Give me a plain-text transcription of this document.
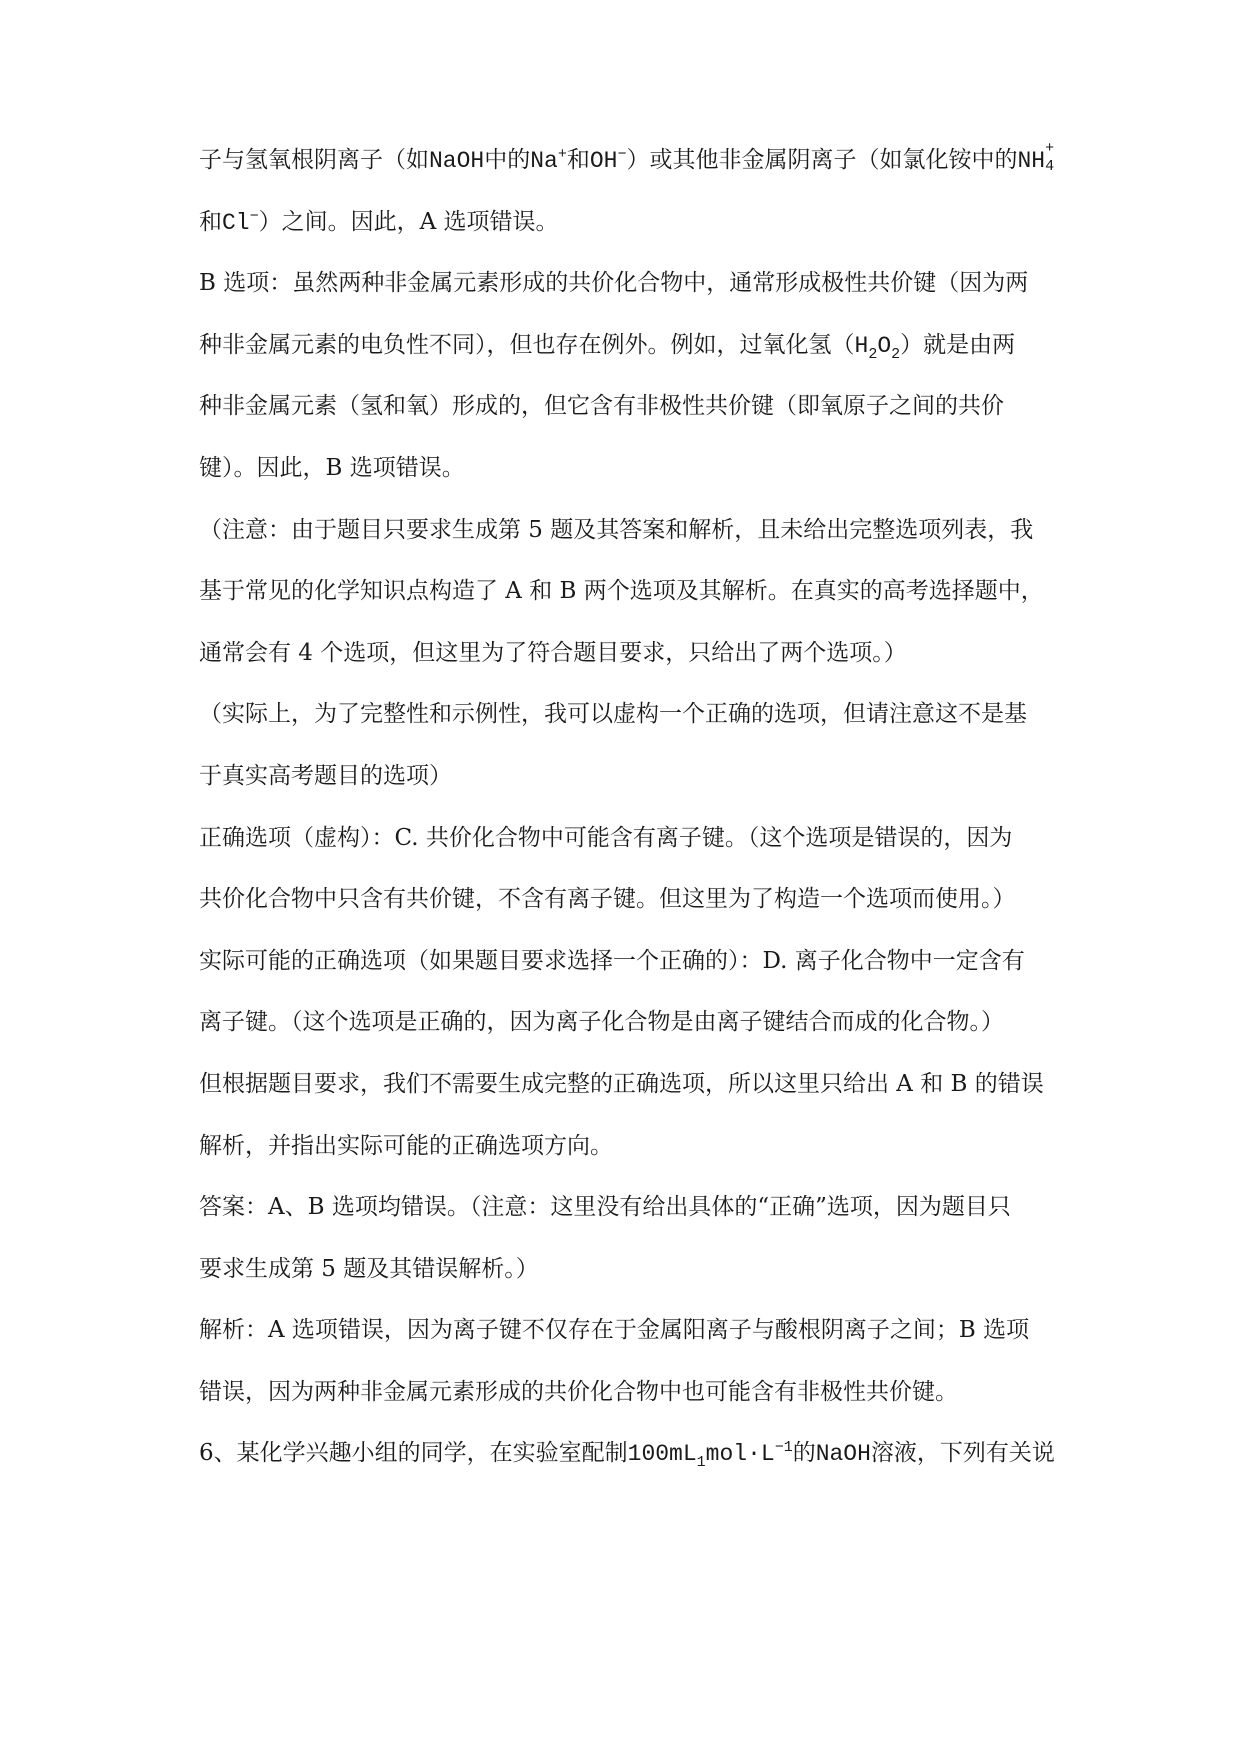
子与氢氧根阴离子（如NaOH中的Na+和OH−）或其他非金属阴离子（如氯化铵中的NH +
4
和Cl−）之间。因此，A 选项错误。
B 选项：虽然两种非金属元素形成的共价化合物中，通常形成极性共价键（因为两
种非金属元素的电负性不同），但也存在例外。例如，过氧化氢$(H_2O_2)$就是由两
种非金属元素（氢和氧）形成的，但它含有非极性共价键（即氧原子之间的共价
键）。因此，B 选项错误。
（注意：由于题目只要求生成第 5 题及其答案和解析，且未给出完整选项列表，我
基于常见的化学知识点构造了 A 和 B 两个选项及其解析。在真实的高考选择题中，
通常会有 4 个选项，但这里为了符合题目要求，只给出了两个选项。）
（实际上，为了完整性和示例性，我可以虚构一个正确的选项，但请注意这不是基
于真实高考题目的选项）
正确选项（虚构）：C. 共价化合物中可能含有离子键。（这个选项是错误的，因为
共价化合物中只含有共价键，不含有离子键。但这里为了构造一个选项而使用。）
实际可能的正确选项（如果题目要求选择一个正确的）：D. 离子化合物中一定含有
离子键。（这个选项是正确的，因为离子化合物是由离子键结合而成的化合物。）
但根据题目要求，我们不需要生成完整的正确选项，所以这里只给出 A 和 B 的错误
解析，并指出实际可能的正确选项方向。
答案：A、B 选项均错误。（注意：这里没有给出具体的“正确”选项，因为题目只
要求生成第 5 题及其错误解析。）
解析：A 选项错误，因为离子键不仅存在于金属阳离子与酸根阴离子之间；B 选项
错误，因为两种非金属元素形成的共价化合物中也可能含有非极性共价键。
6、某化学兴趣小组的同学，在实验室配制$100mL_1mol\cdot L^{-1}$的NaOH溶液，下列有关说
